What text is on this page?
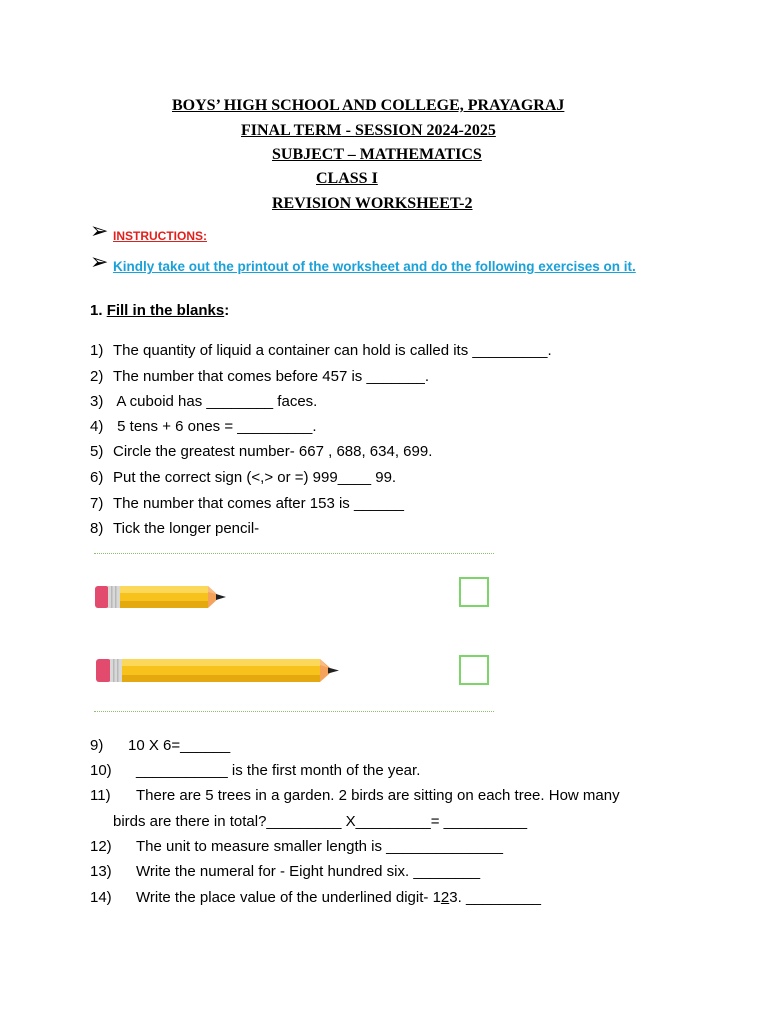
BOYS’ HIGH SCHOOL AND COLLEGE, PRAYAGRAJ
FINAL TERM - SESSION 2024-2025
SUBJECT – MATHEMATICS
CLASS I
REVISION WORKSHEET-2
➢ INSTRUCTIONS:
➢ Kindly take out the printout of the worksheet and do the following exercises on it.
1. Fill in the blanks:
1) The quantity of liquid a container can hold is called its _________.
2) The number that comes before 457 is _______.
3) A cuboid has ________ faces.
4) 5 tens + 6 ones = _________.
5) Circle the greatest number- 667 , 688, 634, 699.
6) Put the correct sign (<,> or =) 999____ 99.
7) The number that comes after 153 is ______
8) Tick the longer pencil-
9) 10 X 6=______
10) ___________ is the first month of the year.
11) There are 5 trees in a garden. 2 birds are sitting on each tree. How many
birds are there in total?_________ X_________= __________
12) The unit to measure smaller length is ______________
13) Write the numeral for - Eight hundred six. ________
14) Write the place value of the underlined digit- 123. _________
